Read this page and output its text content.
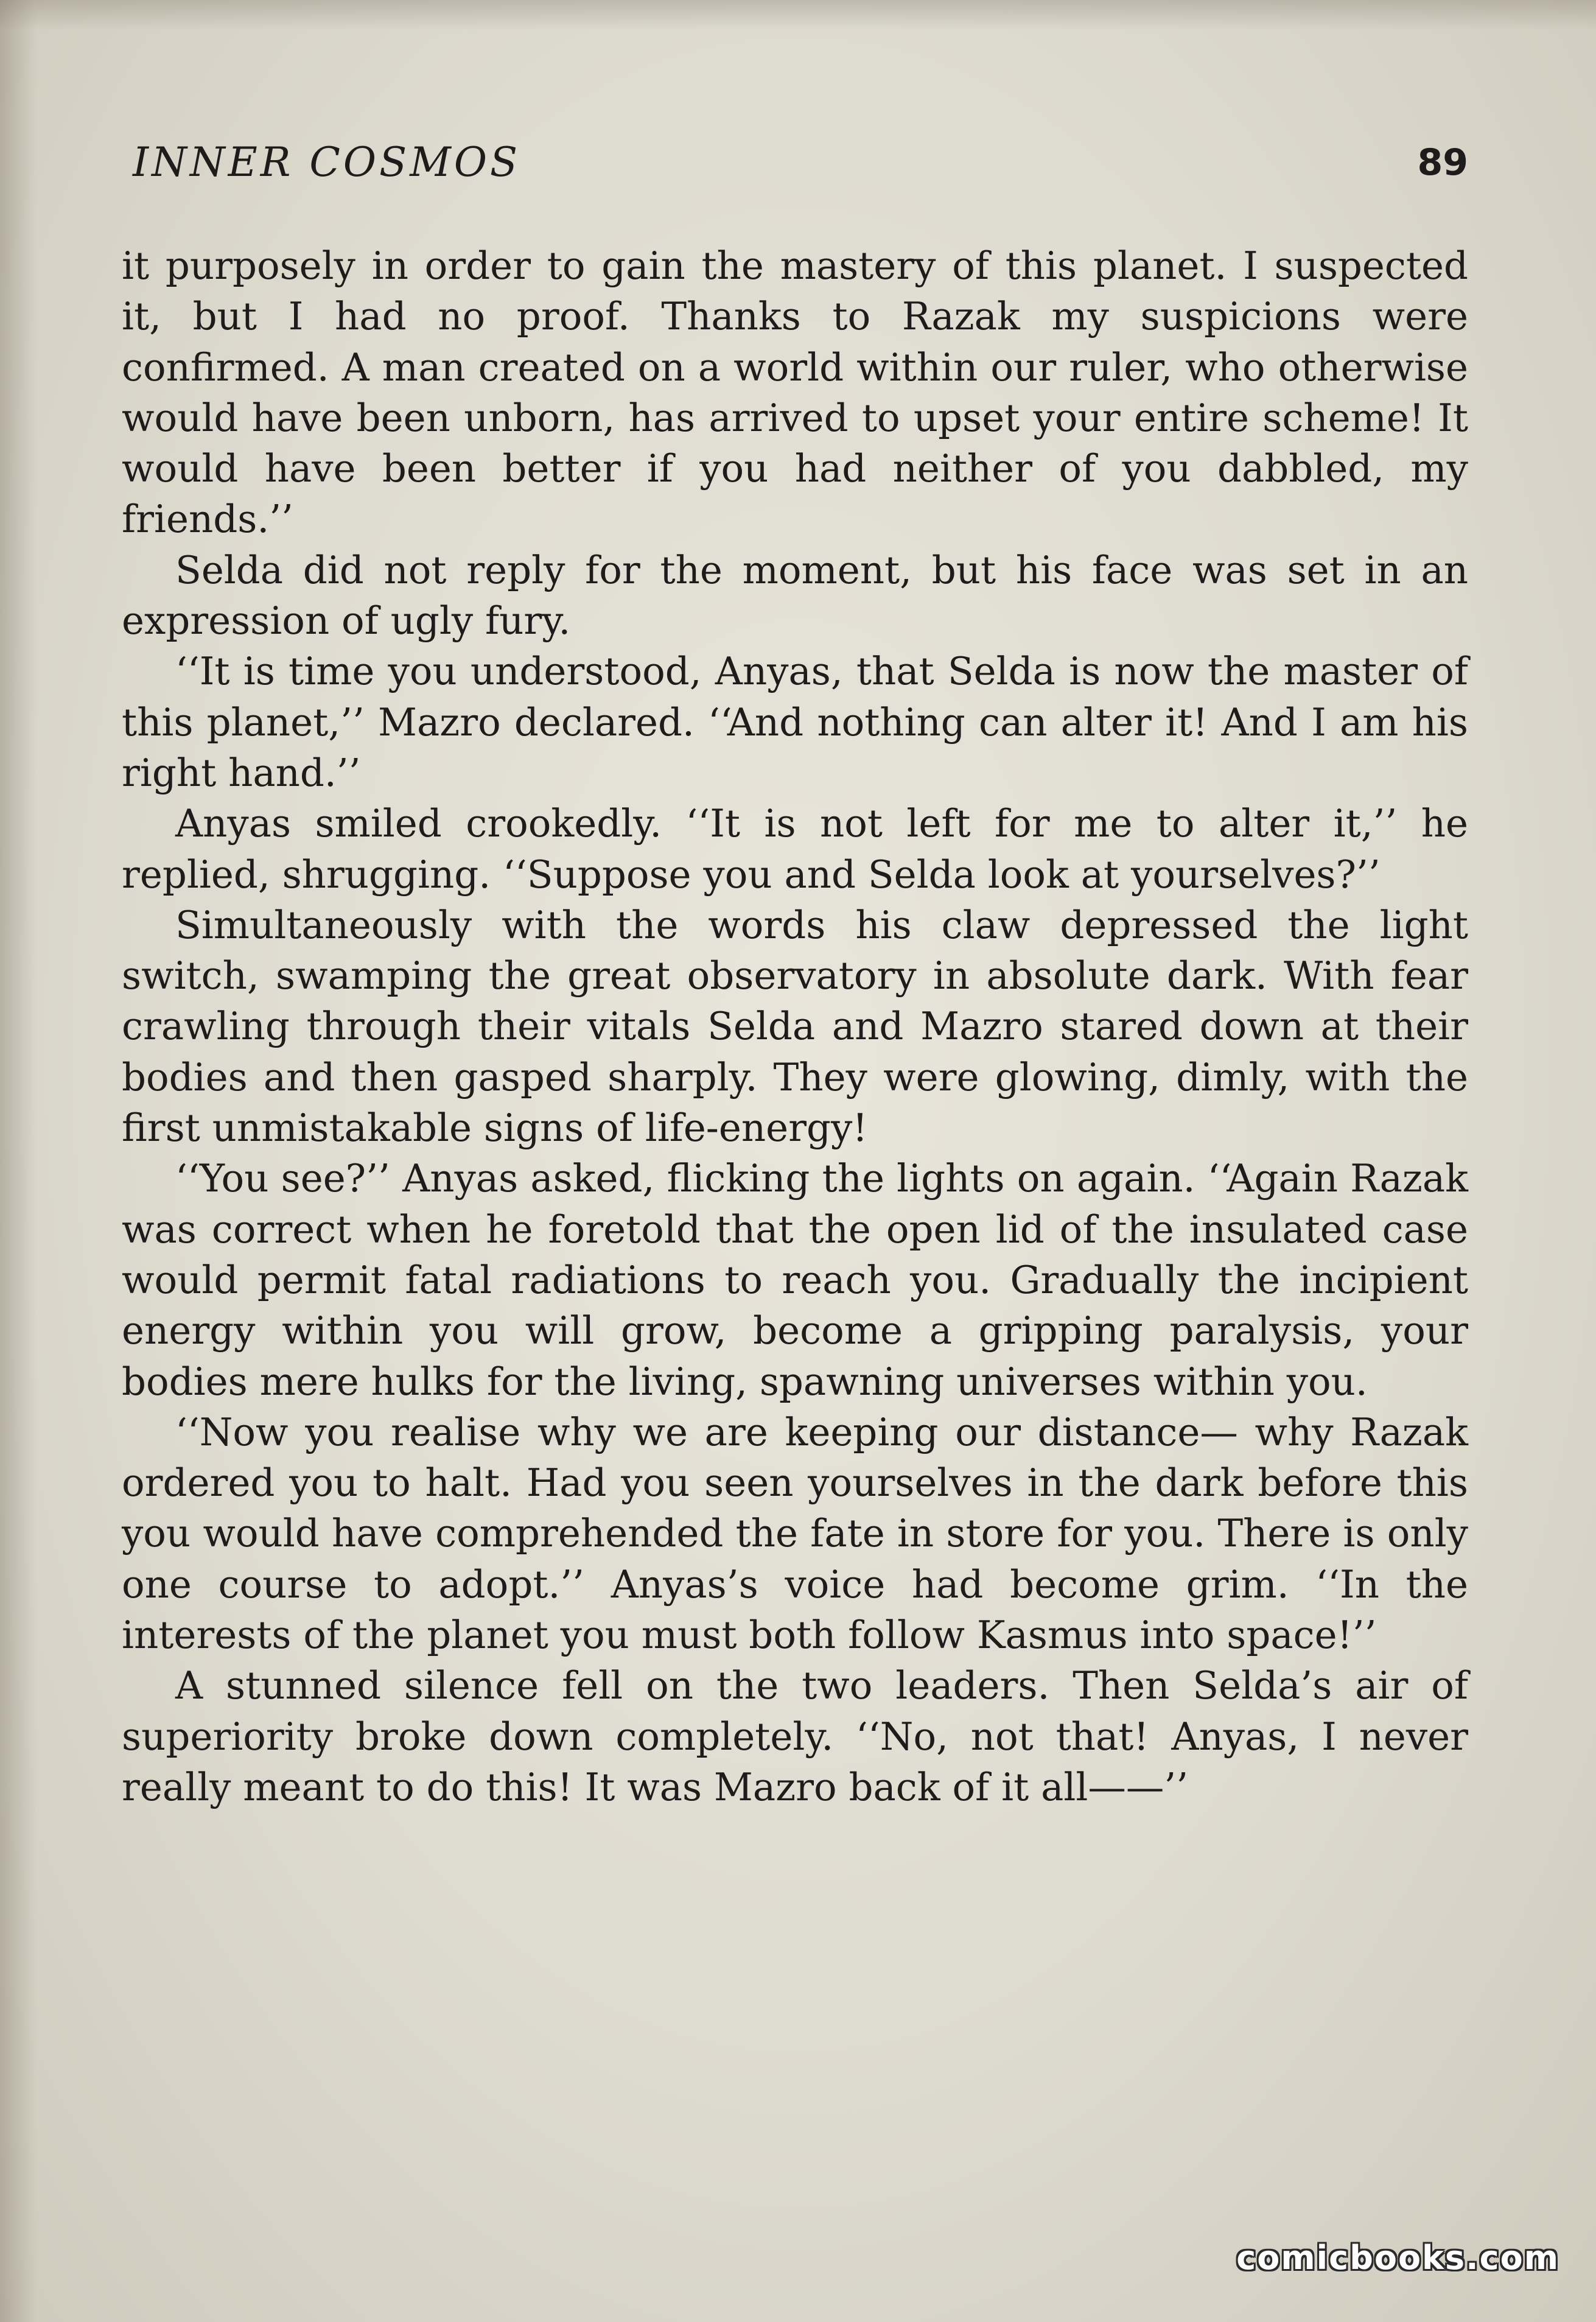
INNER COSMOS	89

it purposely in order to gain the mastery of this planet. I suspected it, but I had no proof. Thanks to Razak my suspicions were confirmed. A man created on a world within our ruler, who otherwise would have been unborn, has arrived to upset your entire scheme! It would have been better if you had neither of you dabbled, my friends.’’

Selda did not reply for the moment, but his face was set in an expression of ugly fury.

‘‘It is time you understood, Anyas, that Selda is now the master of this planet,’’ Mazro declared. ‘‘And nothing can alter it! And I am his right hand.’’

Anyas smiled crookedly. ‘‘It is not left for me to alter it,’’ he replied, shrugging. ‘‘Suppose you and Selda look at yourselves?’’

Simultaneously with the words his claw depressed the light switch, swamping the great observatory in absolute dark. With fear crawling through their vitals Selda and Mazro stared down at their bodies and then gasped sharply. They were glowing, dimly, with the first unmistakable signs of life-energy!

‘‘You see?’’ Anyas asked, flicking the lights on again. ‘‘Again Razak was correct when he foretold that the open lid of the insulated case would permit fatal radiations to reach you. Gradually the incipient energy within you will grow, become a gripping paralysis, your bodies mere hulks for the living, spawning universes within you.

‘‘Now you realise why we are keeping our distance— why Razak ordered you to halt. Had you seen yourselves in the dark before this you would have comprehended the fate in store for you. There is only one course to adopt.’’ Anyas’s voice had become grim. ‘‘In the interests of the planet you must both follow Kasmus into space!’’

A stunned silence fell on the two leaders. Then Selda’s air of superiority broke down completely. ‘‘No, not that! Anyas, I never really meant to do this! It was Mazro back of it all——’’

comicbooks.com
